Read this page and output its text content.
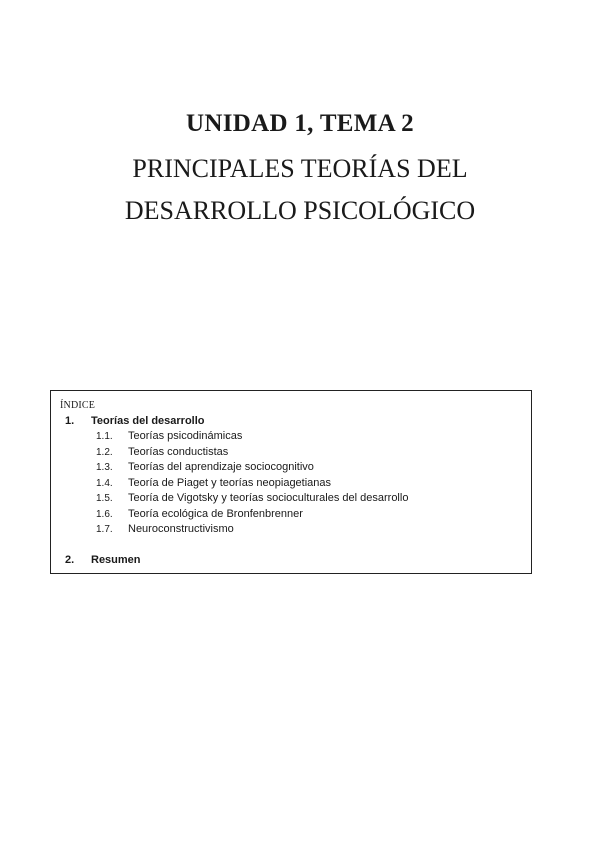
UNIDAD 1, TEMA 2
PRINCIPALES TEORÍAS DEL
DESARROLLO PSICOLÓGICO
ÍNDICE
1. Teorías del desarrollo
1.1. Teorías psicodinámicas
1.2. Teorías conductistas
1.3. Teorías del aprendizaje sociocognitivo
1.4. Teoría de Piaget y teorías neopiagetianas
1.5. Teoría de Vigotsky y teorías socioculturales del desarrollo
1.6. Teoría ecológica de Bronfenbrenner
1.7. Neuroconstructivismo
2. Resumen
